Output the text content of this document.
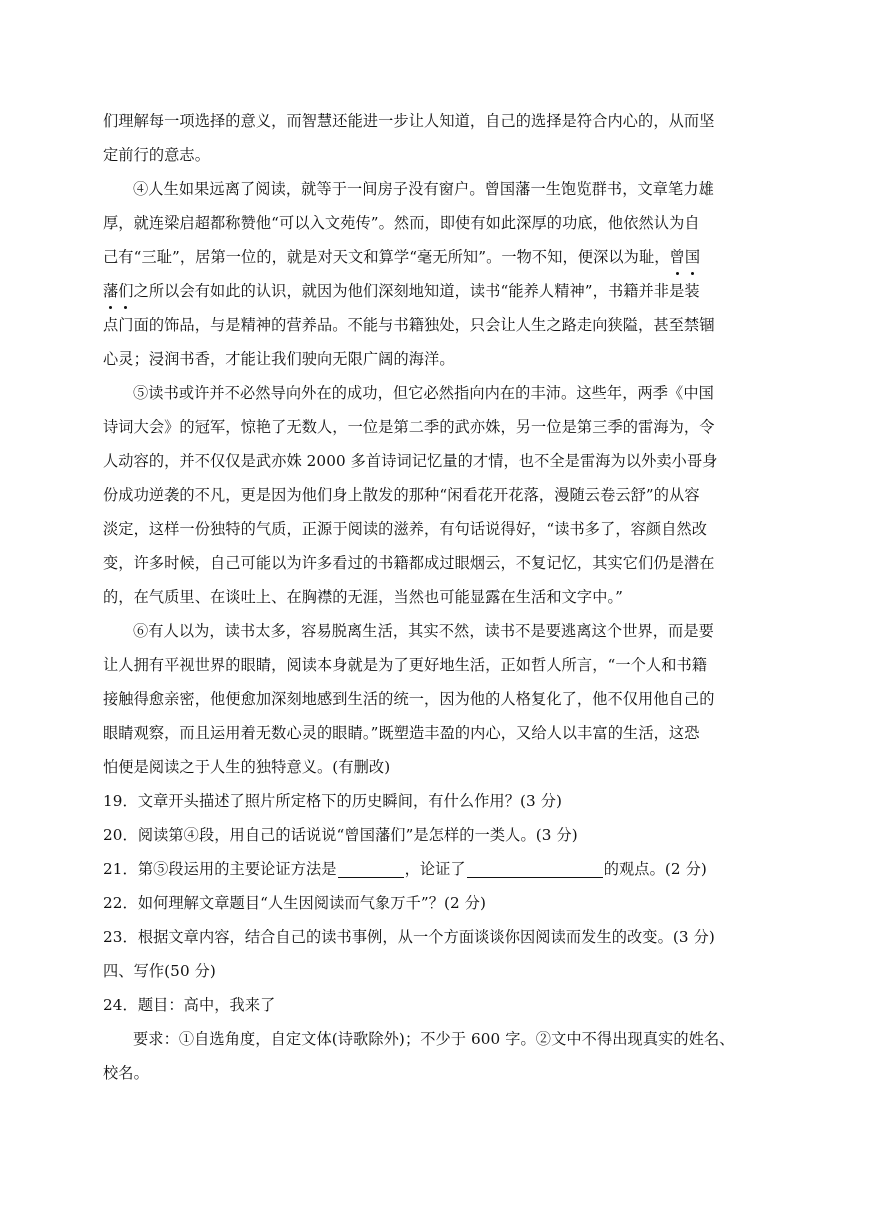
们理解每一项选择的意义，而智慧还能进一步让人知道，自己的选择是符合内心的，从而坚
定前行的意志。
④人生如果远离了阅读，就等于一间房子没有窗户。曾国藩一生饱览群书，文章笔力雄
厚，就连梁启超都称赞他“可以入文苑传”。然而，即使有如此深厚的功底，他依然认为自
己有“三耻”，居第一位的，就是对天文和算学“毫无所知”。一物不知，便深以为耻，曾国
藩们之所以会有如此的认识，就因为他们深刻地知道，读书“能养人精神”，书籍并非是装
点门面的饰品，与是精神的营养品。不能与书籍独处，只会让人生之路走向狭隘，甚至禁锢
心灵；浸润书香，才能让我们驶向无限广阔的海洋。
⑤读书或许并不必然导向外在的成功，但它必然指向内在的丰沛。这些年，两季《中国
诗词大会》的冠军，惊艳了无数人，一位是第二季的武亦姝，另一位是第三季的雷海为，令
人动容的，并不仅仅是武亦姝 2000 多首诗词记忆量的才情，也不全是雷海为以外卖小哥身
份成功逆袭的不凡，更是因为他们身上散发的那种“闲看花开花落，漫随云卷云舒”的从容
淡定，这样一份独特的气质，正源于阅读的滋养，有句话说得好，“读书多了，容颜自然改
变，许多时候，自己可能以为许多看过的书籍都成过眼烟云，不复记忆，其实它们仍是潜在
的，在气质里、在谈吐上、在胸襟的无涯，当然也可能显露在生活和文字中。”
⑥有人以为，读书太多，容易脱离生活，其实不然，读书不是要逃离这个世界，而是要
让人拥有平视世界的眼睛，阅读本身就是为了更好地生活，正如哲人所言，“一个人和书籍
接触得愈亲密，他便愈加深刻地感到生活的统一，因为他的人格复化了，他不仅用他自己的
眼睛观察，而且运用着无数心灵的眼睛。”既塑造丰盈的内心，又给人以丰富的生活，这恐
怕便是阅读之于人生的独特意义。(有删改)
19．文章开头描述了照片所定格下的历史瞬间，有什么作用？(3 分)
20．阅读第④段，用自己的话说说“曾国藩们”是怎样的一类人。(3 分)
21．第⑤段运用的主要论证方法是	，论证了	的观点。(2 分)
22．如何理解文章题目“人生因阅读而气象万千”？(2 分)
23．根据文章内容，结合自己的读书事例，从一个方面谈谈你因阅读而发生的改变。(3 分)
四、写作(50 分)
24．题目：高中，我来了
要求：①自选角度，自定文体(诗歌除外)；不少于 600 字。②文中不得出现真实的姓名、
校名。
